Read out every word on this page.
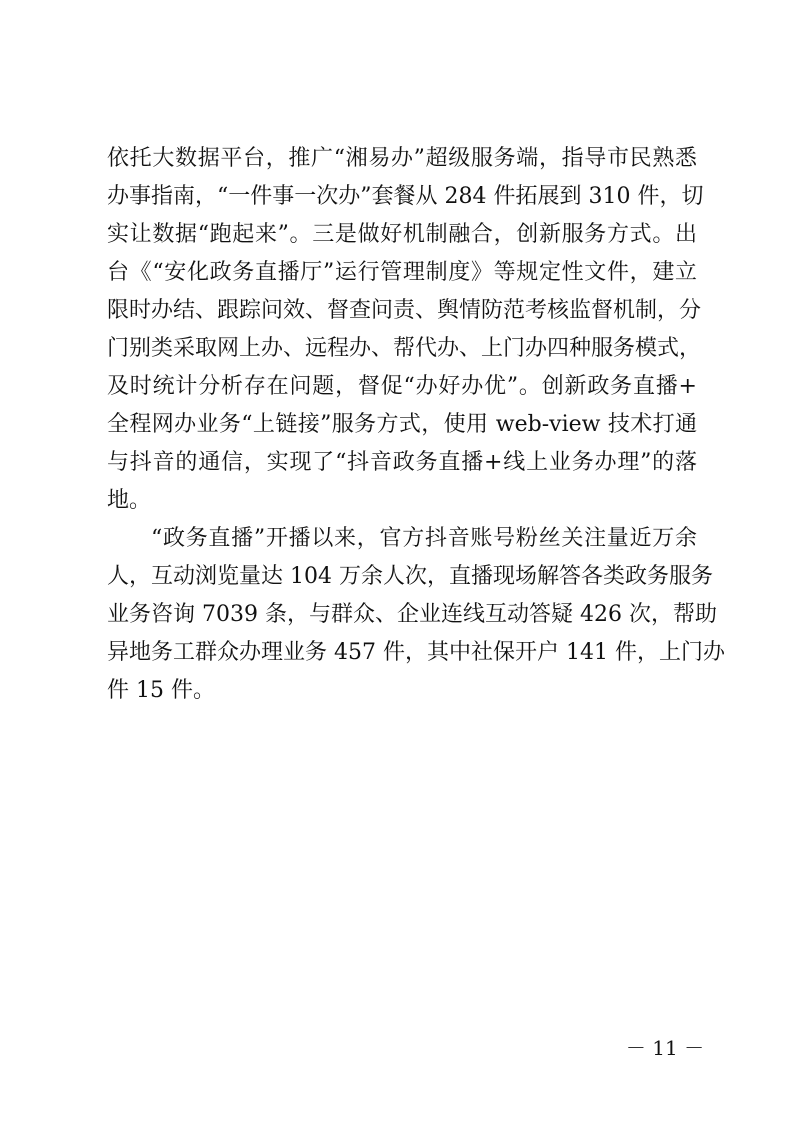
依托大数据平台，推广“湘易办”超级服务端，指导市民熟悉
办事指南，“一件事一次办”套餐从 284 件拓展到 310 件，切
实让数据“跑起来”。三是做好机制融合，创新服务方式。出
台《“安化政务直播厅”运行管理制度》等规定性文件，建立
限时办结、跟踪问效、督查问责、舆情防范考核监督机制，分
门别类采取网上办、远程办、帮代办、上门办四种服务模式，
及时统计分析存在问题，督促“办好办优”。创新政务直播+
全程网办业务“上链接”服务方式，使用 web-view 技术打通
与抖音的通信，实现了“抖音政务直播+线上业务办理”的落
地。
“政务直播”开播以来，官方抖音账号粉丝关注量近万余
人，互动浏览量达 104 万余人次，直播现场解答各类政务服务
业务咨询 7039 条，与群众、企业连线互动答疑 426 次，帮助
异地务工群众办理业务 457 件，其中社保开户 141 件，上门办
件 15 件。
－ 11 －
